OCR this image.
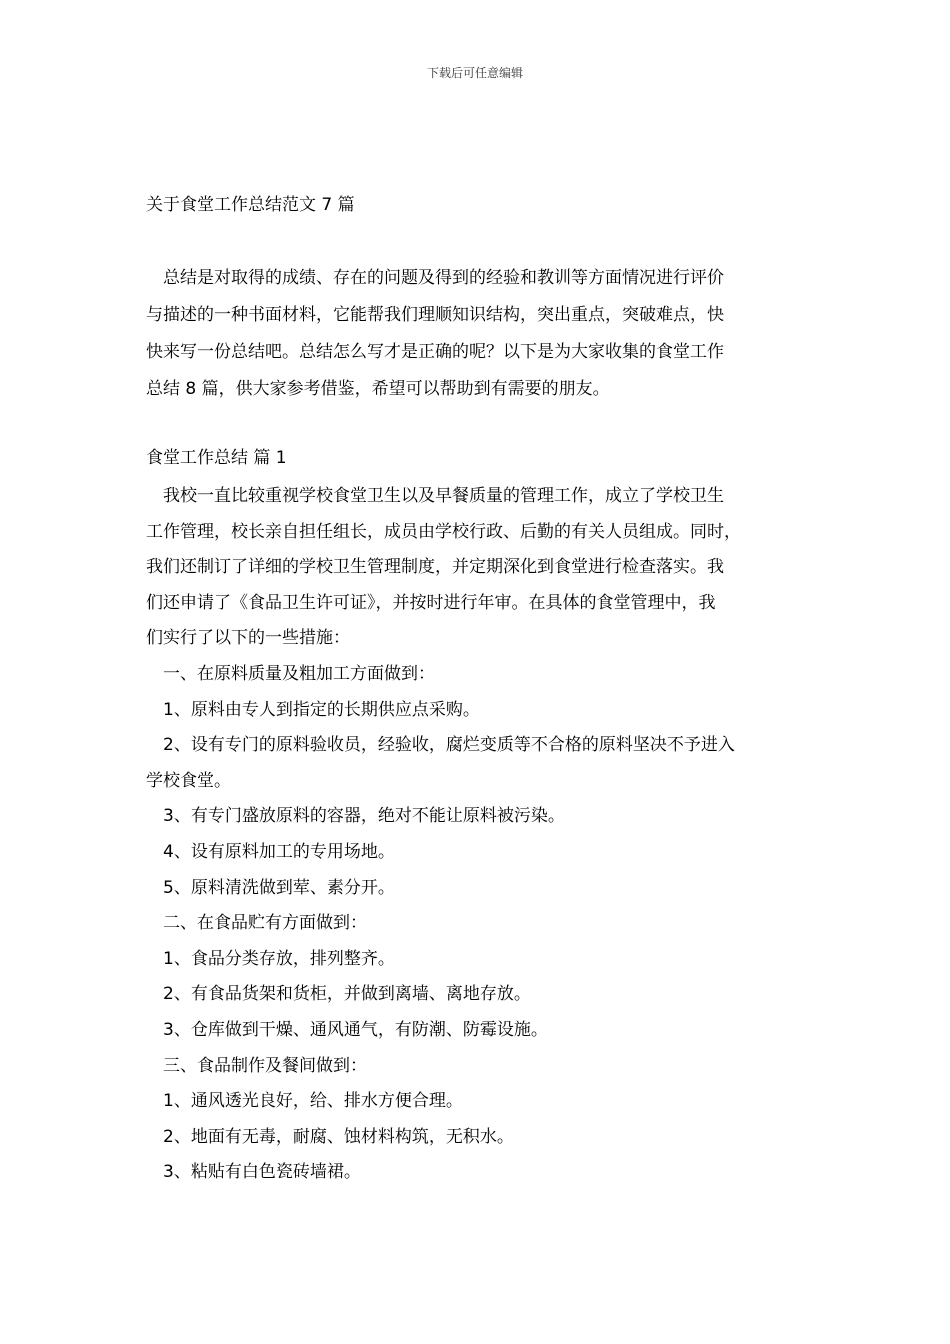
下载后可任意编辑
关于食堂工作总结范文 7 篇

　总结是对取得的成绩、存在的问题及得到的经验和教训等方面情况进行评价

与描述的一种书面材料，它能帮我们理顺知识结构，突出重点，突破难点，快

快来写一份总结吧。总结怎么写才是正确的呢？以下是为大家收集的食堂工作

总结 8 篇，供大家参考借鉴，希望可以帮助到有需要的朋友。

食堂工作总结 篇 1

　我校一直比较重视学校食堂卫生以及早餐质量的管理工作，成立了学校卫生

工作管理，校长亲自担任组长，成员由学校行政、后勤的有关人员组成。同时，

我们还制订了详细的学校卫生管理制度，并定期深化到食堂进行检查落实。我

们还申请了《食品卫生许可证》，并按时进行年审。在具体的食堂管理中，我

们实行了以下的一些措施：

　一、在原料质量及粗加工方面做到：

　1、原料由专人到指定的长期供应点采购。

　2、设有专门的原料验收员，经验收，腐烂变质等不合格的原料坚决不予进入

学校食堂。

　3、有专门盛放原料的容器，绝对不能让原料被污染。

　4、设有原料加工的专用场地。

　5、原料清洗做到荤、素分开。

　二、在食品贮有方面做到：

　1、食品分类存放，排列整齐。

　2、有食品货架和货柜，并做到离墙、离地存放。

　3、仓库做到干燥、通风通气，有防潮、防霉设施。

　三、食品制作及餐间做到：

　1、通风透光良好，给、排水方便合理。

　2、地面有无毒，耐腐、蚀材料构筑，无积水。

　3、粘贴有白色瓷砖墙裙。
